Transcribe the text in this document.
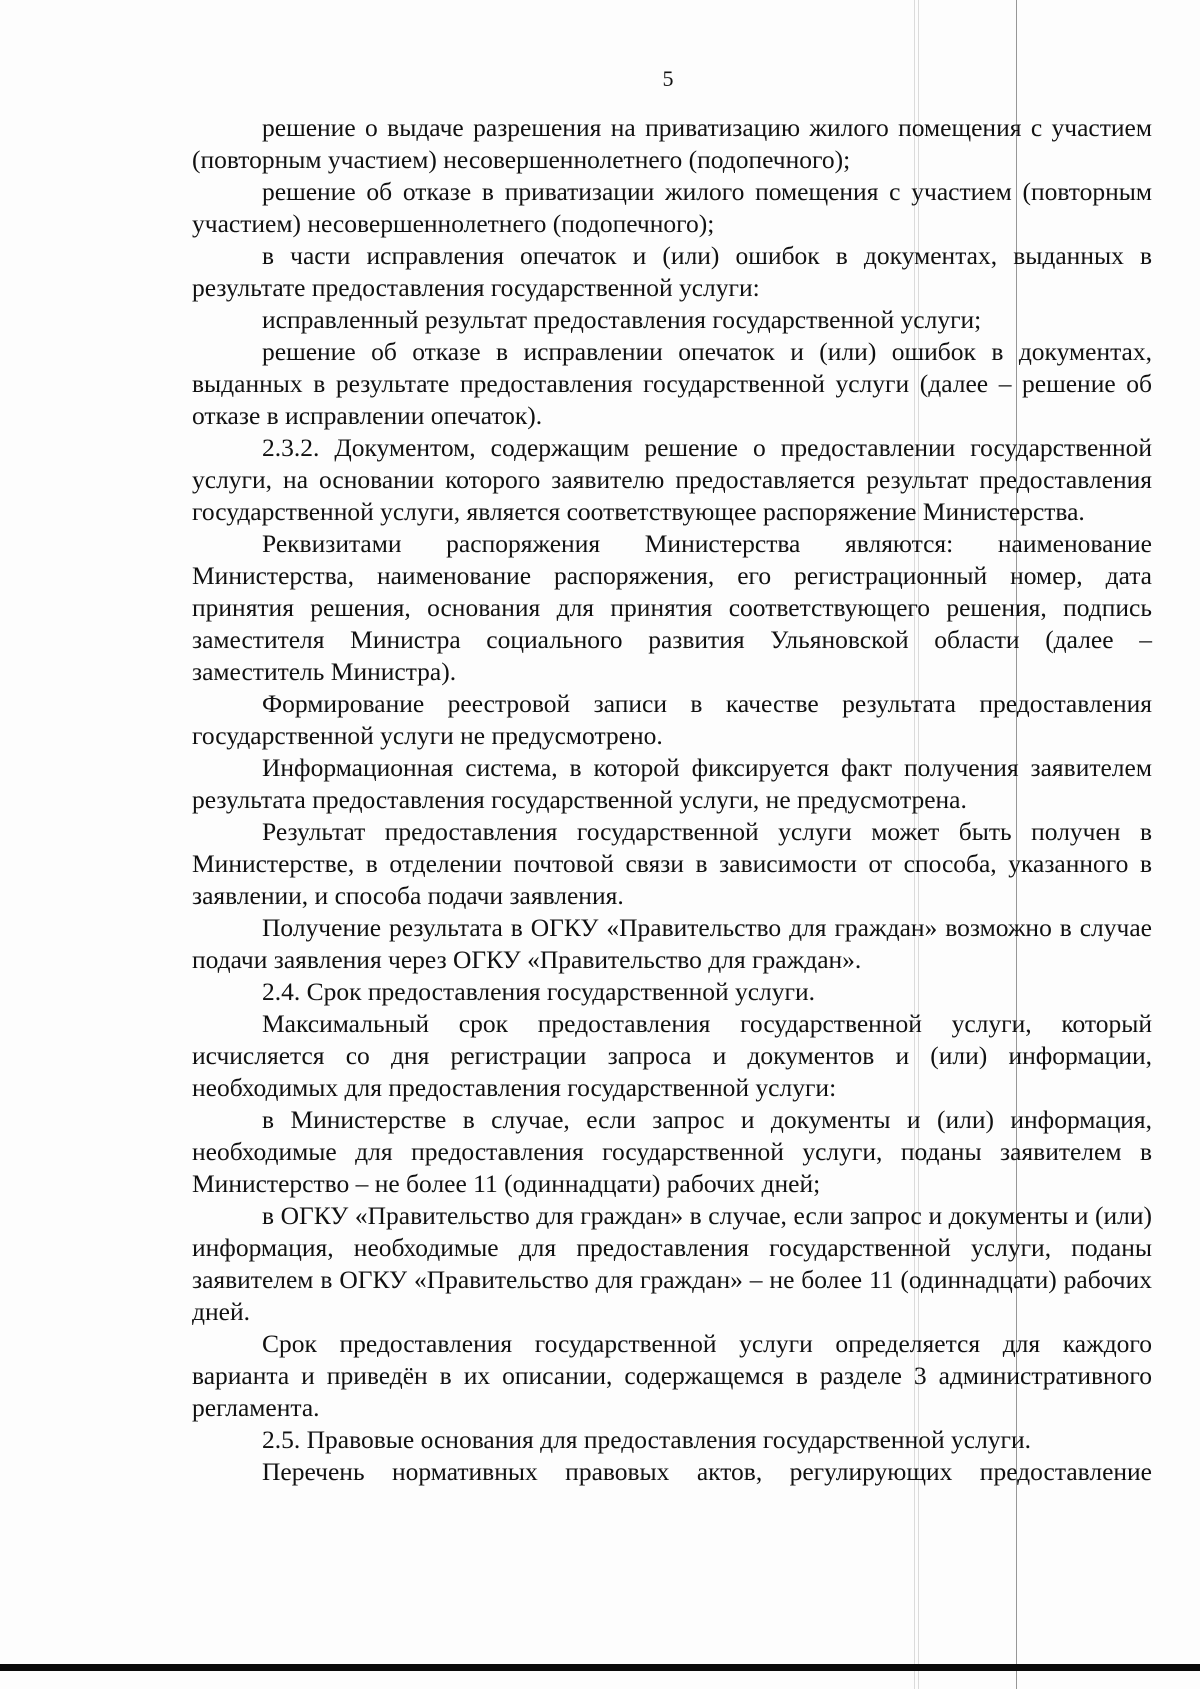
5

решение о выдаче разрешения на приватизацию жилого помещения с участием (повторным участием) несовершеннолетнего (подопечного);

решение об отказе в приватизации жилого помещения с участием (повторным участием) несовершеннолетнего (подопечного);

в части исправления опечаток и (или) ошибок в документах, выданных в результате предоставления государственной услуги:

исправленный результат предоставления государственной услуги;

решение об отказе в исправлении опечаток и (или) ошибок в документах, выданных в результате предоставления государственной услуги (далее – решение об отказе в исправлении опечаток).

2.3.2. Документом, содержащим решение о предоставлении государственной услуги, на основании которого заявителю предоставляется результат предоставления государственной услуги, является соответствующее распоряжение Министерства.

Реквизитами распоряжения Министерства являются: наименование Министерства, наименование распоряжения, его регистрационный номер, дата принятия решения, основания для принятия соответствующего решения, подпись заместителя Министра социального развития Ульяновской области (далее – заместитель Министра).

Формирование реестровой записи в качестве результата предоставления государственной услуги не предусмотрено.

Информационная система, в которой фиксируется факт получения заявителем результата предоставления государственной услуги, не предусмотрена.

Результат предоставления государственной услуги может быть получен в Министерстве, в отделении почтовой связи в зависимости от способа, указанного в заявлении, и способа подачи заявления.

Получение результата в ОГКУ «Правительство для граждан» возможно в случае подачи заявления через ОГКУ «Правительство для граждан».

2.4. Срок предоставления государственной услуги.

Максимальный срок предоставления государственной услуги, который исчисляется со дня регистрации запроса и документов и (или) информации, необходимых для предоставления государственной услуги:

в Министерстве в случае, если запрос и документы и (или) информация, необходимые для предоставления государственной услуги, поданы заявителем в Министерство – не более 11 (одиннадцати) рабочих дней;

в ОГКУ «Правительство для граждан» в случае, если запрос и документы и (или) информация, необходимые для предоставления государственной услуги, поданы заявителем в ОГКУ «Правительство для граждан» – не более 11 (одиннадцати) рабочих дней.

Срок предоставления государственной услуги определяется для каждого варианта и приведён в их описании, содержащемся в разделе 3 административного регламента.

2.5. Правовые основания для предоставления государственной услуги.

Перечень нормативных правовых актов, регулирующих предоставление
